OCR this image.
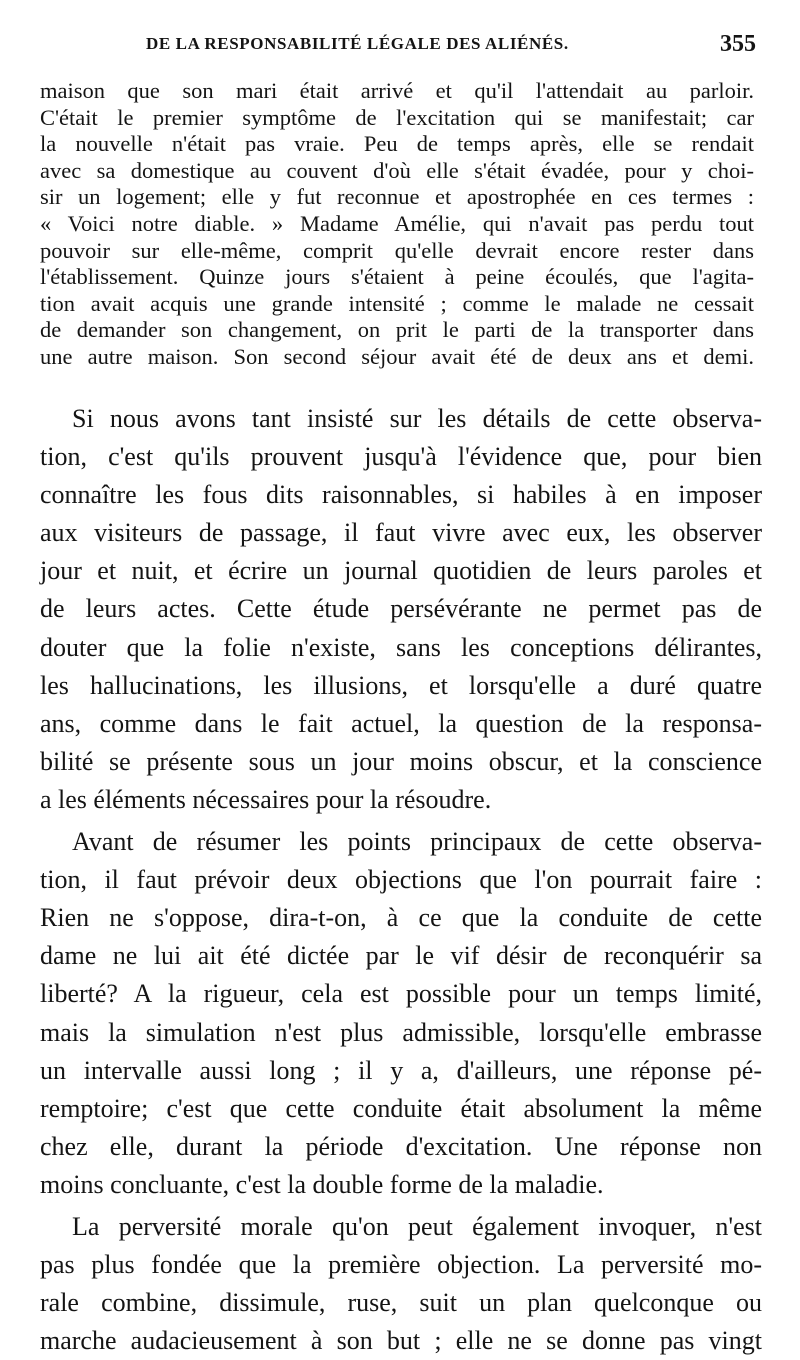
DE LA RESPONSABILITÉ LÉGALE DES ALIÉNÉS.	355
maison que son mari était arrivé et qu'il l'attendait au parloir.
C'était le premier symptôme de l'excitation qui se manifestait; car
la nouvelle n'était pas vraie. Peu de temps après, elle se rendait
avec sa domestique au couvent d'où elle s'était évadée, pour y choi-
sir un logement; elle y fut reconnue et apostrophée en ces termes :
« Voici notre diable. » Madame Amélie, qui n'avait pas perdu tout
pouvoir sur elle-même, comprit qu'elle devrait encore rester dans
l'établissement. Quinze jours s'étaient à peine écoulés, que l'agita-
tion avait acquis une grande intensité ; comme le malade ne cessait
de demander son changement, on prit le parti de la transporter dans
une autre maison. Son second séjour avait été de deux ans et demi.
Si nous avons tant insisté sur les détails de cette observa-
tion, c'est qu'ils prouvent jusqu'à l'évidence que, pour bien
connaître les fous dits raisonnables, si habiles à en imposer
aux visiteurs de passage, il faut vivre avec eux, les observer
jour et nuit, et écrire un journal quotidien de leurs paroles et
de leurs actes. Cette étude persévérante ne permet pas de
douter que la folie n'existe, sans les conceptions délirantes,
les hallucinations, les illusions, et lorsqu'elle a duré quatre
ans, comme dans le fait actuel, la question de la responsa-
bilité se présente sous un jour moins obscur, et la conscience
a les éléments nécessaires pour la résoudre.
Avant de résumer les points principaux de cette observa-
tion, il faut prévoir deux objections que l'on pourrait faire :
Rien ne s'oppose, dira-t-on, à ce que la conduite de cette
dame ne lui ait été dictée par le vif désir de reconquérir sa
liberté? A la rigueur, cela est possible pour un temps limité,
mais la simulation n'est plus admissible, lorsqu'elle embrasse
un intervalle aussi long ; il y a, d'ailleurs, une réponse pé-
remptoire; c'est que cette conduite était absolument la même
chez elle, durant la période d'excitation. Une réponse non
moins concluante, c'est la double forme de la maladie.
La perversité morale qu'on peut également invoquer, n'est
pas plus fondée que la première objection. La perversité mo-
rale combine, dissimule, ruse, suit un plan quelconque ou
marche audacieusement à son but ; elle ne se donne pas vingt
